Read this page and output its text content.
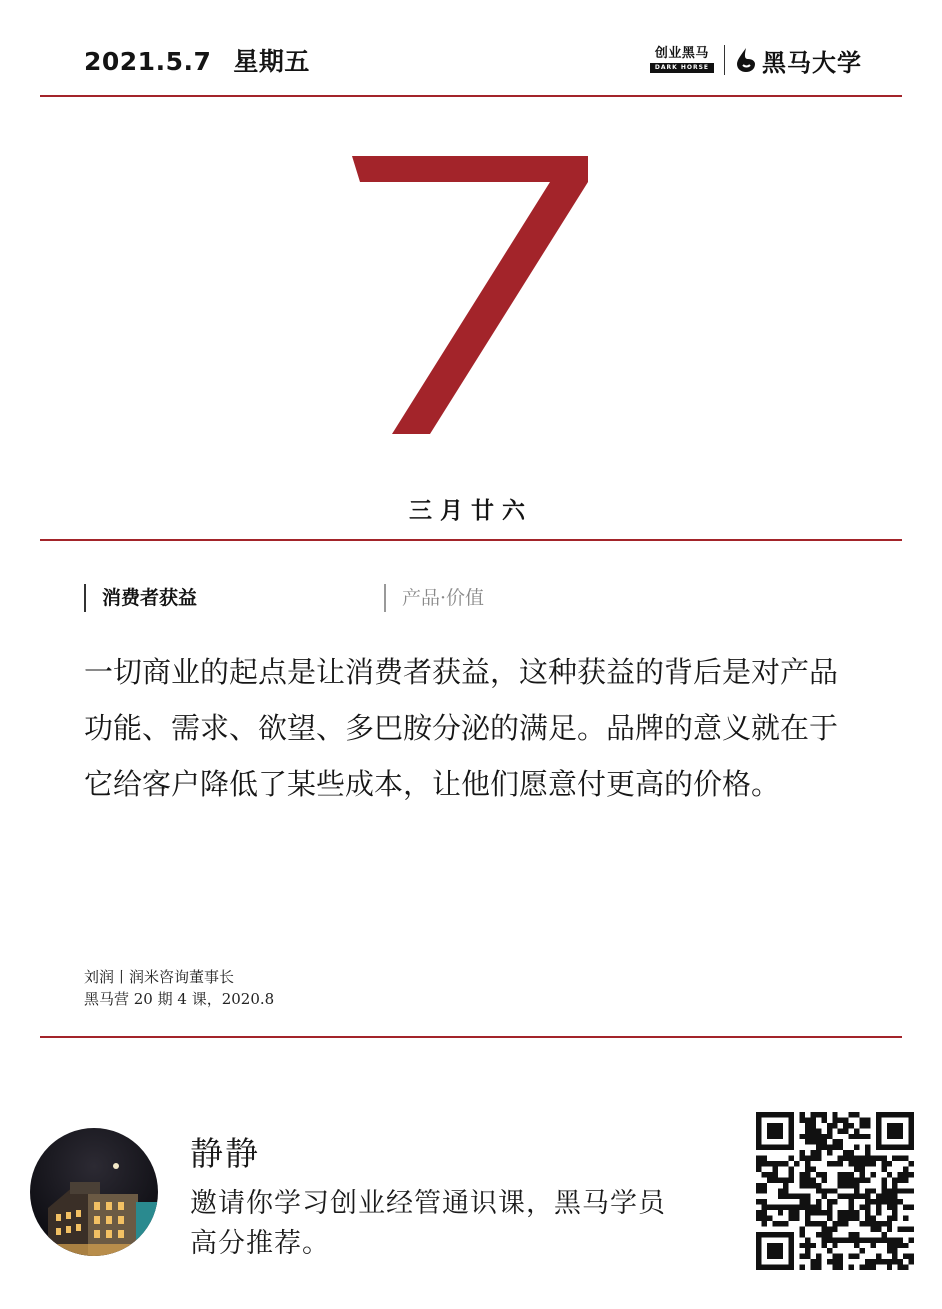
2021.5.7 星期五	创业黑马
DARK HORSE 黑马大学
7
三月廿六
消费者获益	产品·价值
一切商业的起点是让消费者获益，这种获益的背后是对产品功能、需求、欲望、多巴胺分泌的满足。品牌的意义就在于它给客户降低了某些成本，让他们愿意付更高的价格。
刘润丨润米咨询董事长
黑马营 20 期 4 课，2020.8
静静
邀请你学习创业经管通识课，黑马学员高分推荐。
